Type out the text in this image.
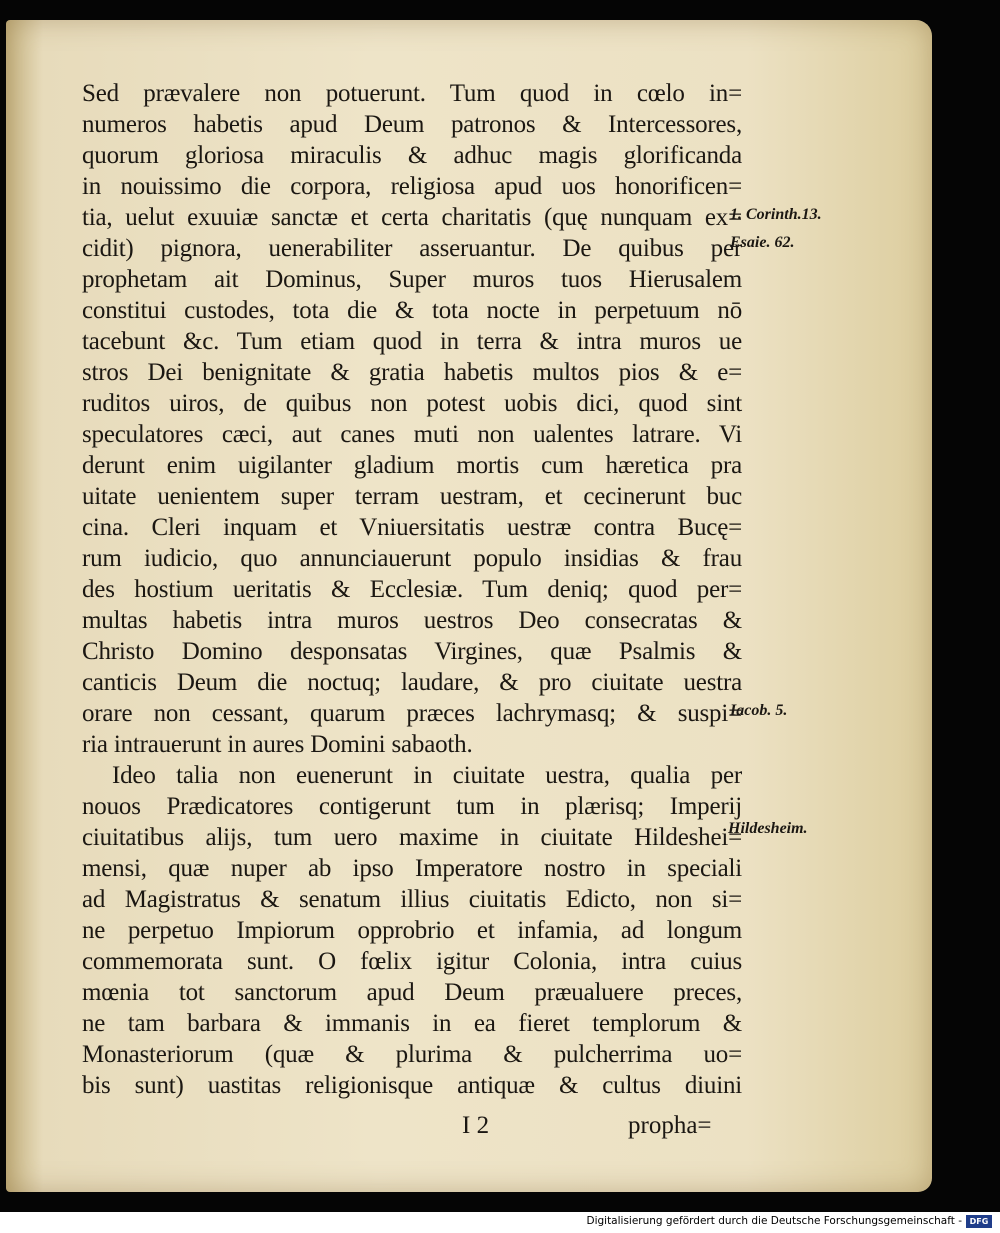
Sed prævalere non potuerunt. Tum quod in cœlo in=
numeros habetis apud Deum patronos & Intercessores,
quorum gloriosa miraculis & adhuc magis glorificanda
in nouissimo die corpora, religiosa apud uos honorificen=
tia, uelut exuuiæ sanctæ et certa charitatis (quę nunquam ex=
cidit) pignora, uenerabiliter asseruantur. De quibus per
prophetam ait Dominus, Super muros tuos Hierusalem
constitui custodes, tota die & tota nocte in perpetuum nō
tacebunt &c. Tum etiam quod in terra & intra muros ue
stros Dei benignitate & gratia habetis multos pios & e=
ruditos uiros, de quibus non potest uobis dici, quod sint
speculatores cæci, aut canes muti non ualentes latrare. Vi
derunt enim uigilanter gladium mortis cum hæretica pra
uitate uenientem super terram uestram, et cecinerunt buc
cina. Cleri inquam et Vniuersitatis uestræ contra Bucę=
rum iudicio, quo annunciauerunt populo insidias & frau
des hostium ueritatis & Ecclesiæ. Tum deniq; quod per=
multas habetis intra muros uestros Deo consecratas &
Christo Domino desponsatas Virgines, quæ Psalmis &
canticis Deum die noctuq; laudare, & pro ciuitate uestra
orare non cessant, quarum præces lachrymasq; & suspi=
ria intrauerunt in aures Domini sabaoth.
Ideo talia non euenerunt in ciuitate uestra, qualia per
nouos Prædicatores contigerunt tum in plærisq; Imperij
ciuitatibus alijs, tum uero maxime in ciuitate Hildeshei=
mensi, quæ nuper ab ipso Imperatore nostro in speciali
ad Magistratus & senatum illius ciuitatis Edicto, non si=
ne perpetuo Impiorum opprobrio et infamia, ad longum
commemorata sunt. O fœlix igitur Colonia, intra cuius
mœnia tot sanctorum apud Deum præualuere preces,
ne tam barbara & immanis in ea fieret templorum &
Monasteriorum (quæ & plurima & pulcherrima uo=
bis sunt) uastitas religionisque antiquæ & cultus diuini
1. Corinth.13.
Esaie. 62.
Iacob. 5.
Hildesheim.
I 2	propha=
Digitalisierung gefördert durch die Deutsche Forschungsgemeinschaft - DFG
